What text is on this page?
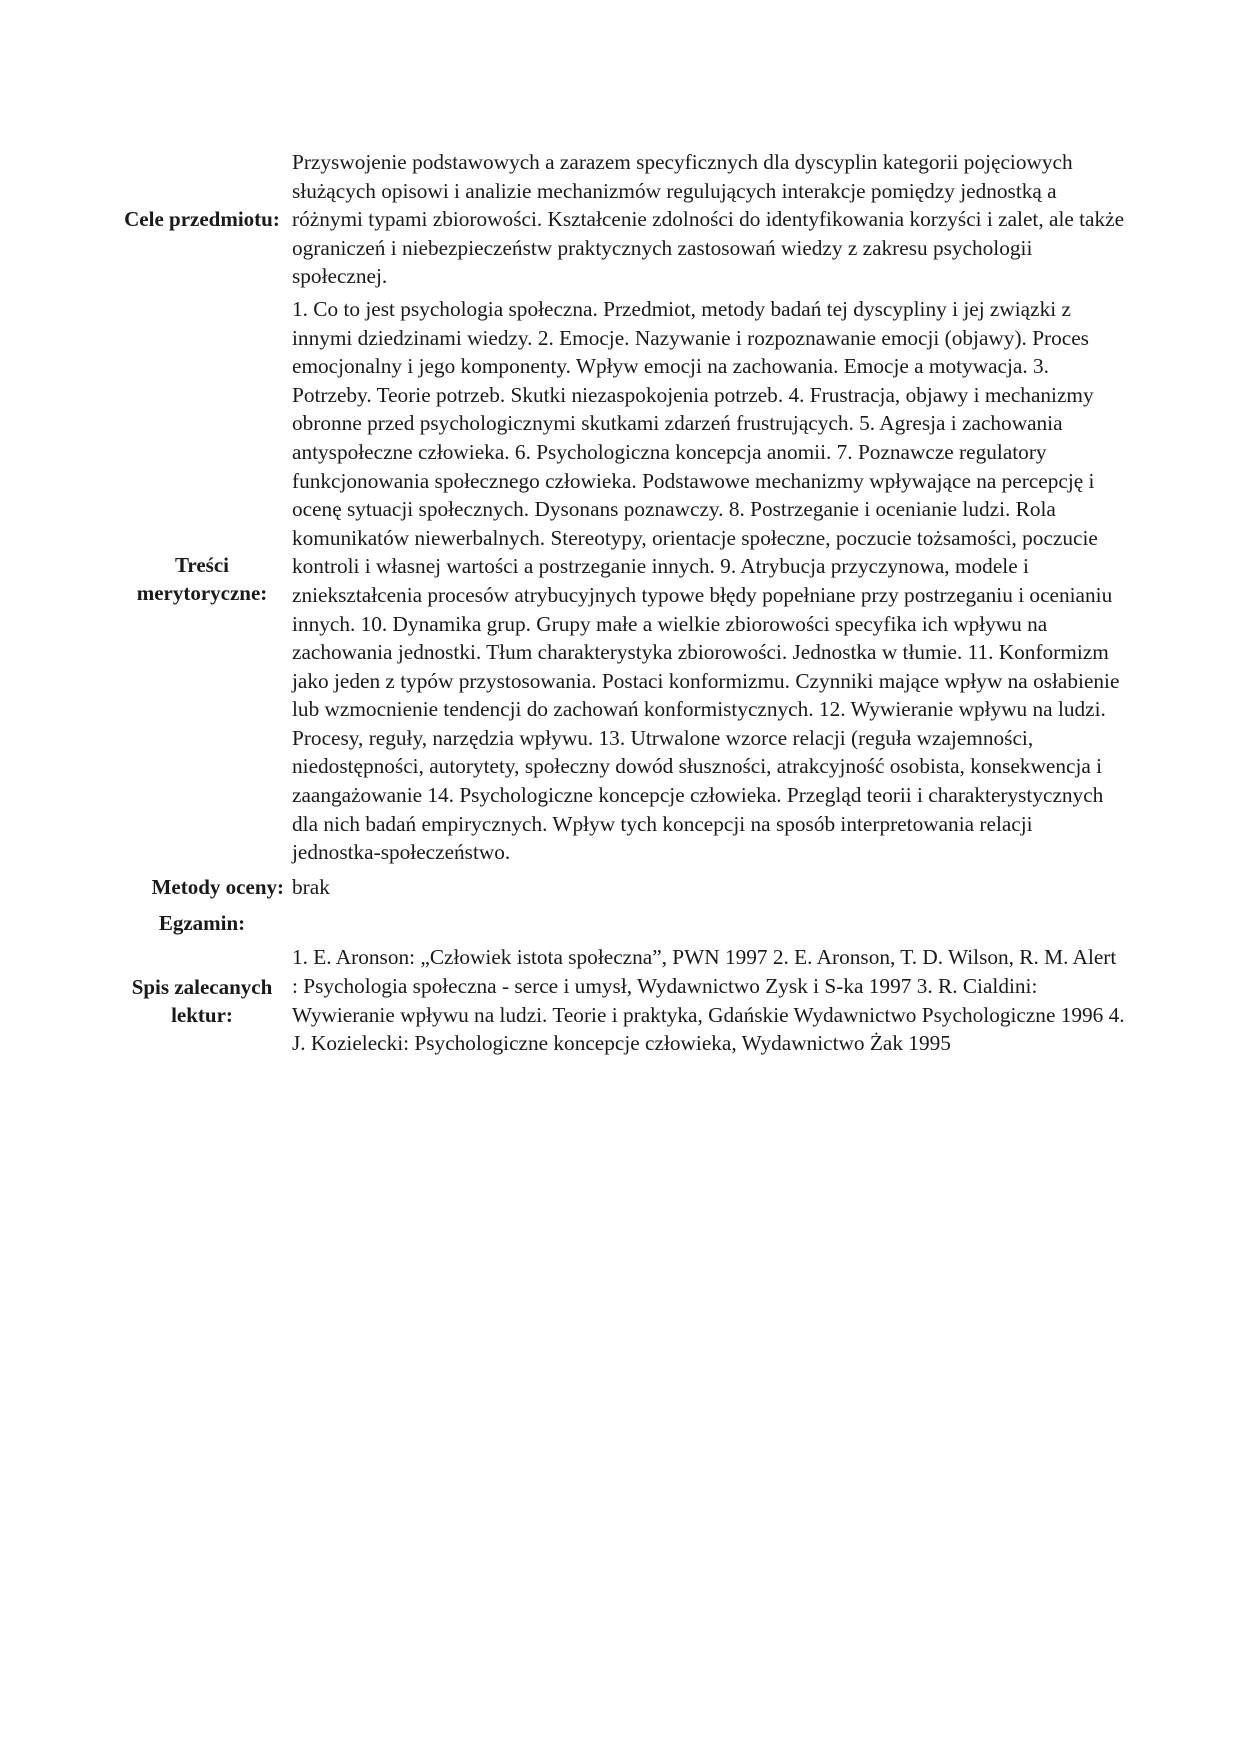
Cele przedmiotu:	Przyswojenie podstawowych a zarazem specyficznych dla dyscyplin kategorii pojęciowych służących opisowi i analizie mechanizmów regulujących interakcje pomiędzy jednostką a różnymi typami zbiorowości. Kształcenie zdolności do identyfikowania korzyści i zalet, ale także ograniczeń i niebezpieczeństw praktycznych zastosowań wiedzy z zakresu psychologii społecznej.
Treści merytoryczne:	1. Co to jest psychologia społeczna. Przedmiot, metody badań tej dyscypliny i jej związki z innymi dziedzinami wiedzy. 2. Emocje. Nazywanie i rozpoznawanie emocji (objawy). Proces emocjonalny i jego komponenty. Wpływ emocji na zachowania. Emocje a motywacja. 3. Potrzeby. Teorie potrzeb. Skutki niezaspokojenia potrzeb. 4. Frustracja, objawy i mechanizmy obronne przed psychologicznymi skutkami zdarzeń frustrujących. 5. Agresja i zachowania antyspołeczne człowieka. 6. Psychologiczna koncepcja anomii. 7. Poznawcze regulatory funkcjonowania społecznego człowieka. Podstawowe mechanizmy wpływające na percepcję i ocenę sytuacji społecznych. Dysonans poznawczy. 8. Postrzeganie i ocenianie ludzi. Rola komunikatów niewerbalnych. Stereotypy, orientacje społeczne, poczucie tożsamości, poczucie kontroli i własnej wartości a postrzeganie innych. 9. Atrybucja przyczynowa, modele i zniekształcenia procesów atrybucyjnych typowe błędy popełniane przy postrzeganiu i ocenianiu innych. 10. Dynamika grup. Grupy małe a wielkie zbiorowości specyfika ich wpływu na zachowania jednostki. Tłum charakterystyka zbiorowości. Jednostka w tłumie. 11. Konformizm jako jeden z typów przystosowania. Postaci konformizmu. Czynniki mające wpływ na osłabienie lub wzmocnienie tendencji do zachowań konformistycznych. 12. Wywieranie wpływu na ludzi. Procesy, reguły, narzędzia wpływu. 13. Utrwalone wzorce relacji (reguła wzajemności, niedostępności, autorytety, społeczny dowód słuszności, atrakcyjność osobista, konsekwencja i zaangażowanie 14. Psychologiczne koncepcje człowieka. Przegląd teorii i charakterystycznych dla nich badań empirycznych. Wpływ tych koncepcji na sposób interpretowania relacji jednostka-społeczeństwo.
Metody oceny:	brak
Egzamin:	
Spis zalecanych lektur:	1. E. Aronson: „Człowiek istota społeczna”, PWN 1997 2. E. Aronson, T. D. Wilson, R. M. Alert : Psychologia społeczna - serce i umysł, Wydawnictwo Zysk i S-ka 1997 3. R. Cialdini: Wywieranie wpływu na ludzi. Teorie i praktyka, Gdańskie Wydawnictwo Psychologiczne 1996 4. J. Kozielecki: Psychologiczne koncepcje człowieka, Wydawnictwo Żak 1995
